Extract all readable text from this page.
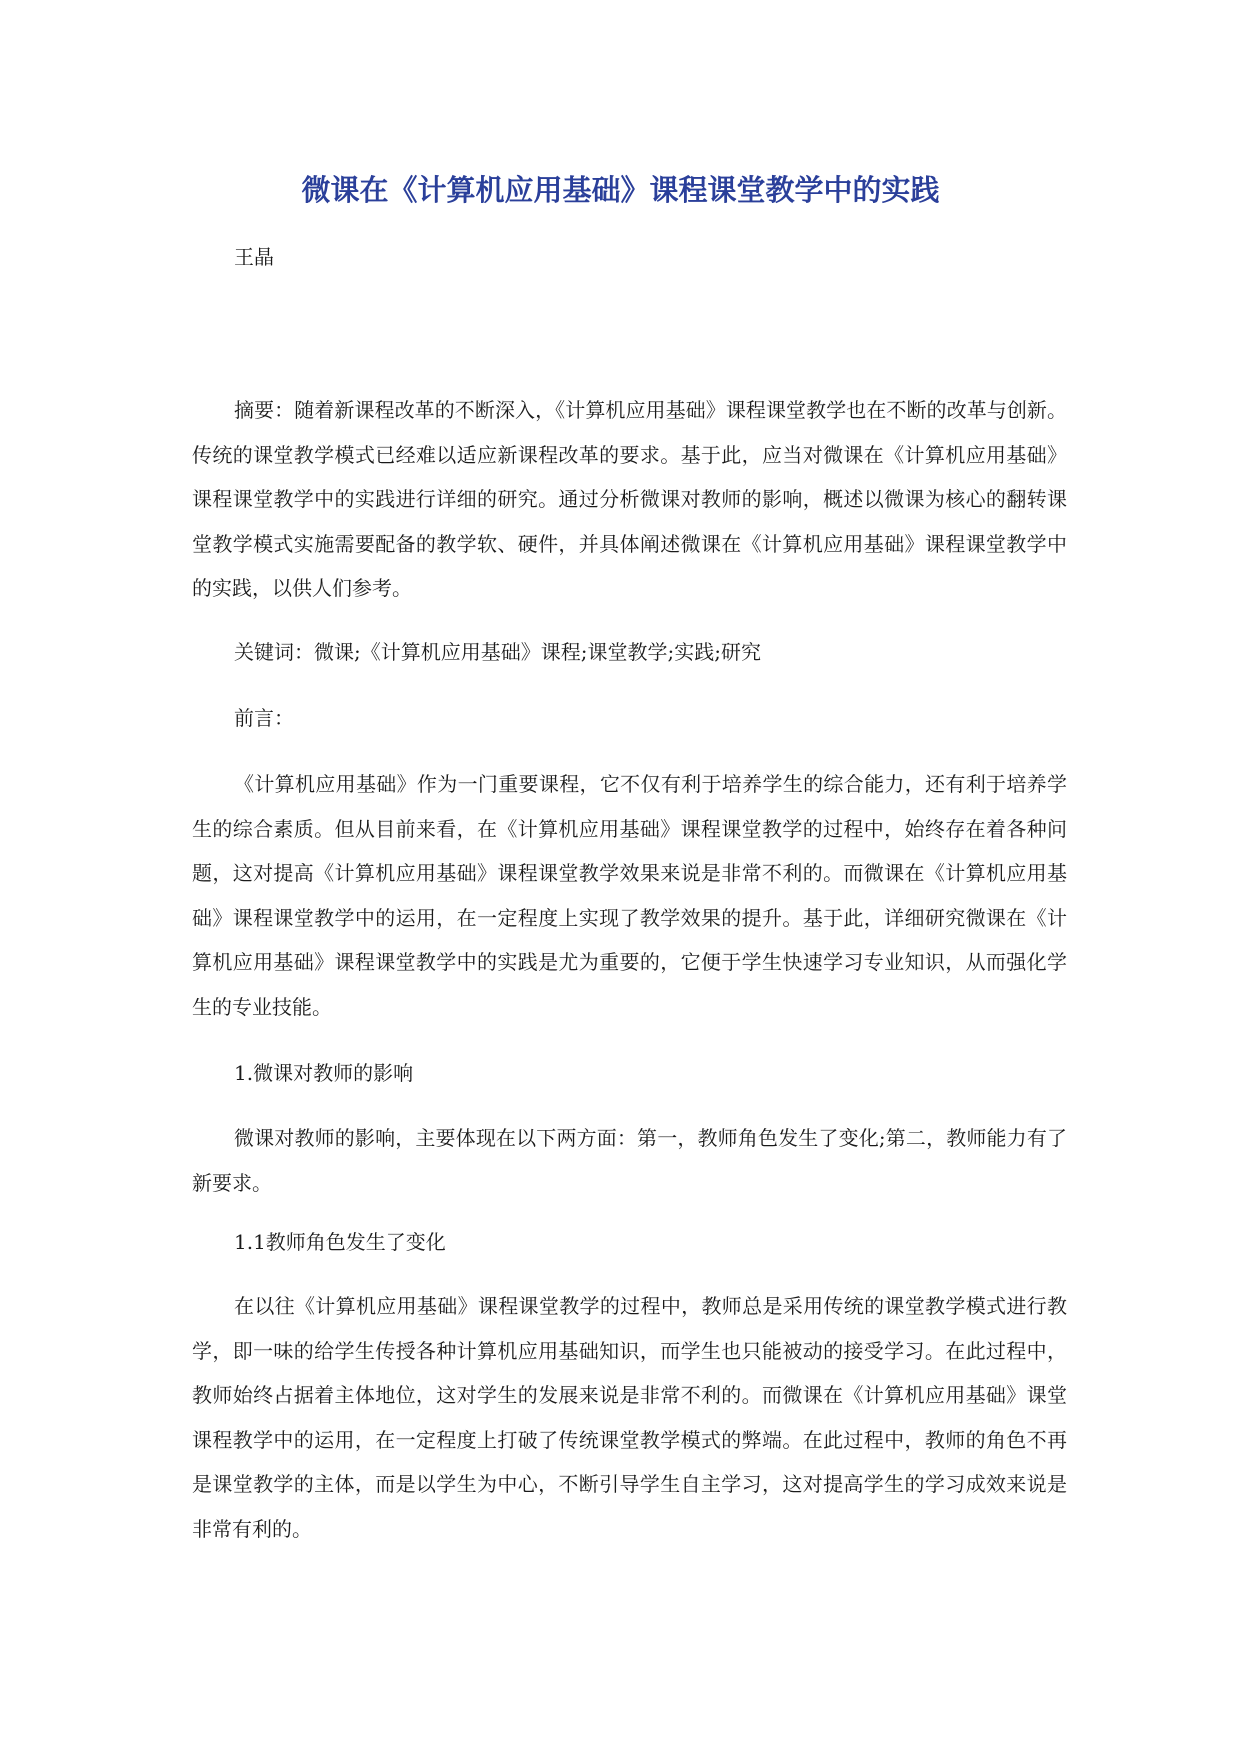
微课在《计算机应用基础》课程课堂教学中的实践

王晶

摘要：随着新课程改革的不断深入，《计算机应用基础》课程课堂教学也在不断的改革与创新。传统的课堂教学模式已经难以适应新课程改革的要求。基于此，应当对微课在《计算机应用基础》课程课堂教学中的实践进行详细的研究。通过分析微课对教师的影响，概述以微课为核心的翻转课堂教学模式实施需要配备的教学软、硬件，并具体阐述微课在《计算机应用基础》课程课堂教学中的实践，以供人们参考。

关键词：微课;《计算机应用基础》课程;课堂教学;实践;研究

前言：

《计算机应用基础》作为一门重要课程，它不仅有利于培养学生的综合能力，还有利于培养学生的综合素质。但从目前来看，在《计算机应用基础》课程课堂教学的过程中，始终存在着各种问题，这对提高《计算机应用基础》课程课堂教学效果来说是非常不利的。而微课在《计算机应用基础》课程课堂教学中的运用，在一定程度上实现了教学效果的提升。基于此，详细研究微课在《计算机应用基础》课程课堂教学中的实践是尤为重要的，它便于学生快速学习专业知识，从而强化学生的专业技能。

1.微课对教师的影响

微课对教师的影响，主要体现在以下两方面：第一，教师角色发生了变化;第二，教师能力有了新要求。

1.1教师角色发生了变化

在以往《计算机应用基础》课程课堂教学的过程中，教师总是采用传统的课堂教学模式进行教学，即一味的给学生传授各种计算机应用基础知识，而学生也只能被动的接受学习。在此过程中，教师始终占据着主体地位，这对学生的发展来说是非常不利的。而微课在《计算机应用基础》课堂课程教学中的运用，在一定程度上打破了传统课堂教学模式的弊端。在此过程中，教师的角色不再是课堂教学的主体，而是以学生为中心，不断引导学生自主学习，这对提高学生的学习成效来说是非常有利的。
